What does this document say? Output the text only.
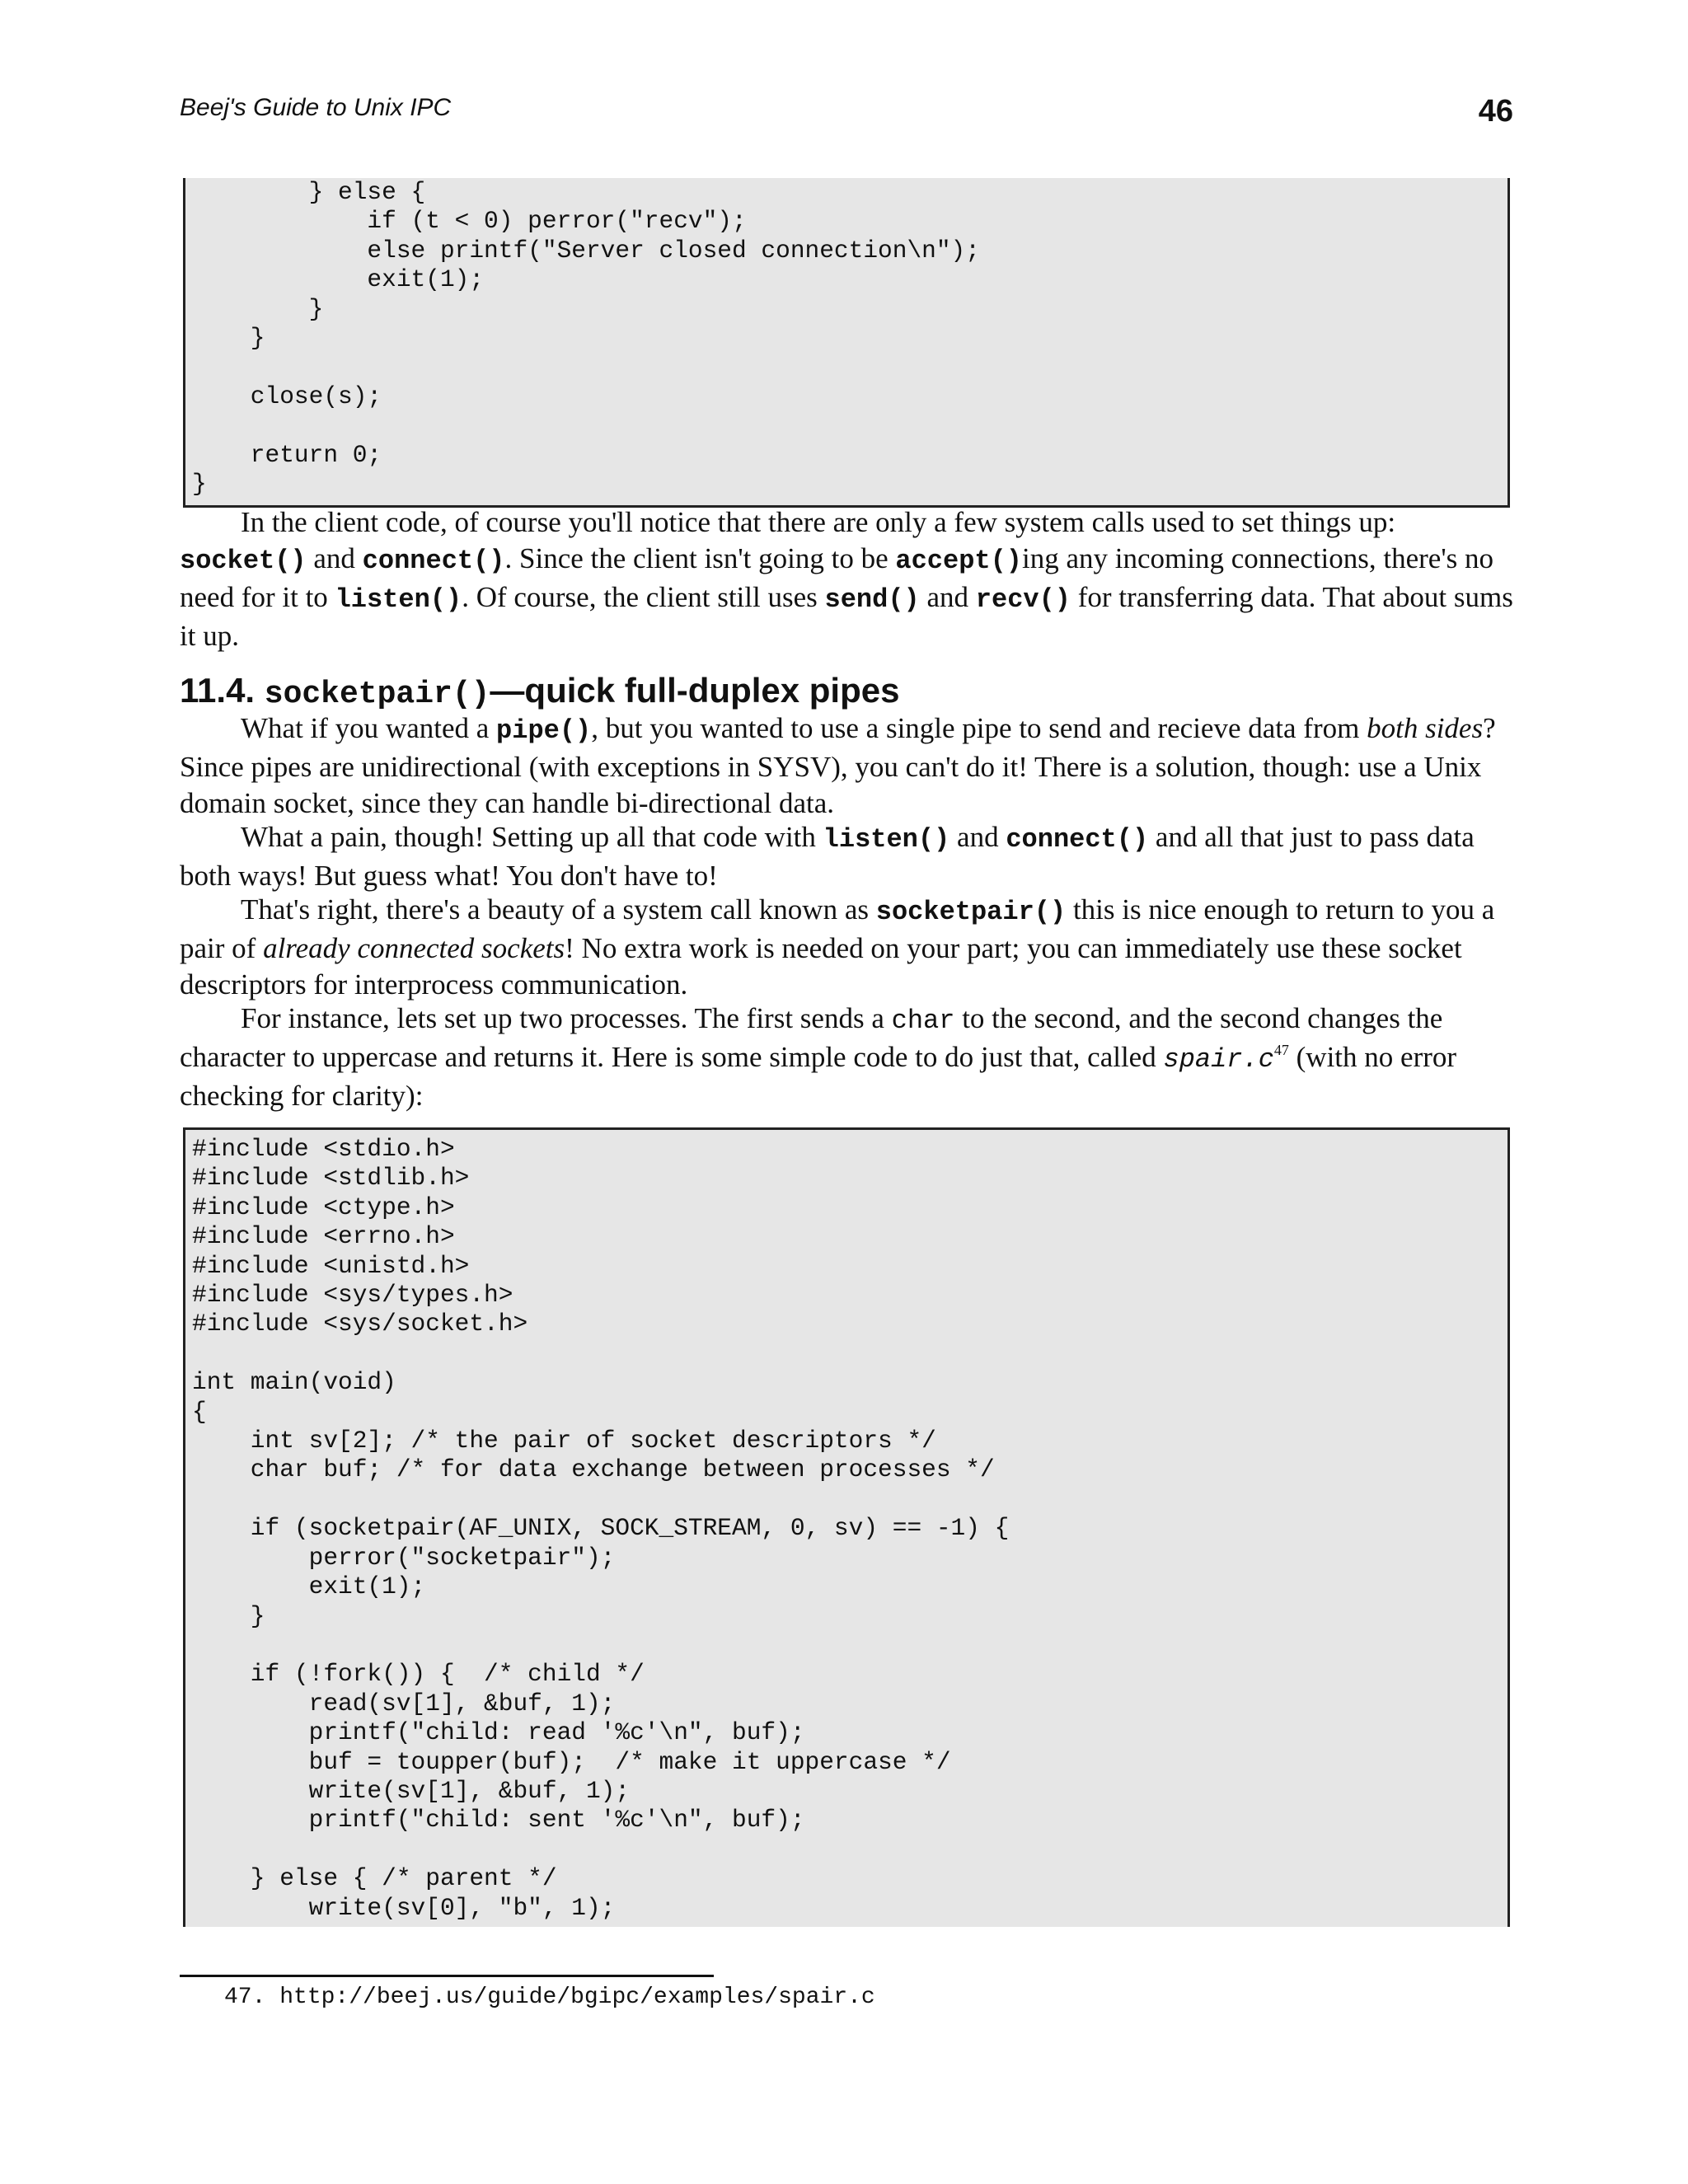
Beej's Guide to Unix IPC	46
} else {
if (t < 0) perror("recv");
else printf("Server closed connection\n");
exit(1);
}
}

close(s);

return 0;
}
In the client code, of course you'll notice that there are only a few system calls used to set things up: socket() and connect(). Since the client isn't going to be accept()ing any incoming connections, there's no need for it to listen(). Of course, the client still uses send() and recv() for transferring data. That about sums it up.
11.4. socketpair()—quick full-duplex pipes
What if you wanted a pipe(), but you wanted to use a single pipe to send and recieve data from both sides? Since pipes are unidirectional (with exceptions in SYSV), you can't do it! There is a solution, though: use a Unix domain socket, since they can handle bi-directional data.
What a pain, though! Setting up all that code with listen() and connect() and all that just to pass data both ways! But guess what! You don't have to!
That's right, there's a beauty of a system call known as socketpair() this is nice enough to return to you a pair of already connected sockets! No extra work is needed on your part; you can immediately use these socket descriptors for interprocess communication.
For instance, lets set up two processes. The first sends a char to the second, and the second changes the character to uppercase and returns it. Here is some simple code to do just that, called $spair.c^{47}$ (with no error checking for clarity):
#include <stdio.h>
#include <stdlib.h>
#include <ctype.h>
#include <errno.h>
#include <unistd.h>
#include <sys/types.h>
#include <sys/socket.h>

int main(void)
{
int sv[2]; /* the pair of socket descriptors */
char buf; /* for data exchange between processes */

if (socketpair(AF_UNIX, SOCK_STREAM, 0, sv) == -1) {
perror("socketpair");
exit(1);
}

if (!fork()) {  /* child */
read(sv[1], &buf, 1);
printf("child: read '%c'\n", buf);
buf = toupper(buf);  /* make it uppercase */
write(sv[1], &buf, 1);
printf("child: sent '%c'\n", buf);

} else { /* parent */
write(sv[0], "b", 1);
47. http://beej.us/guide/bgipc/examples/spair.c
